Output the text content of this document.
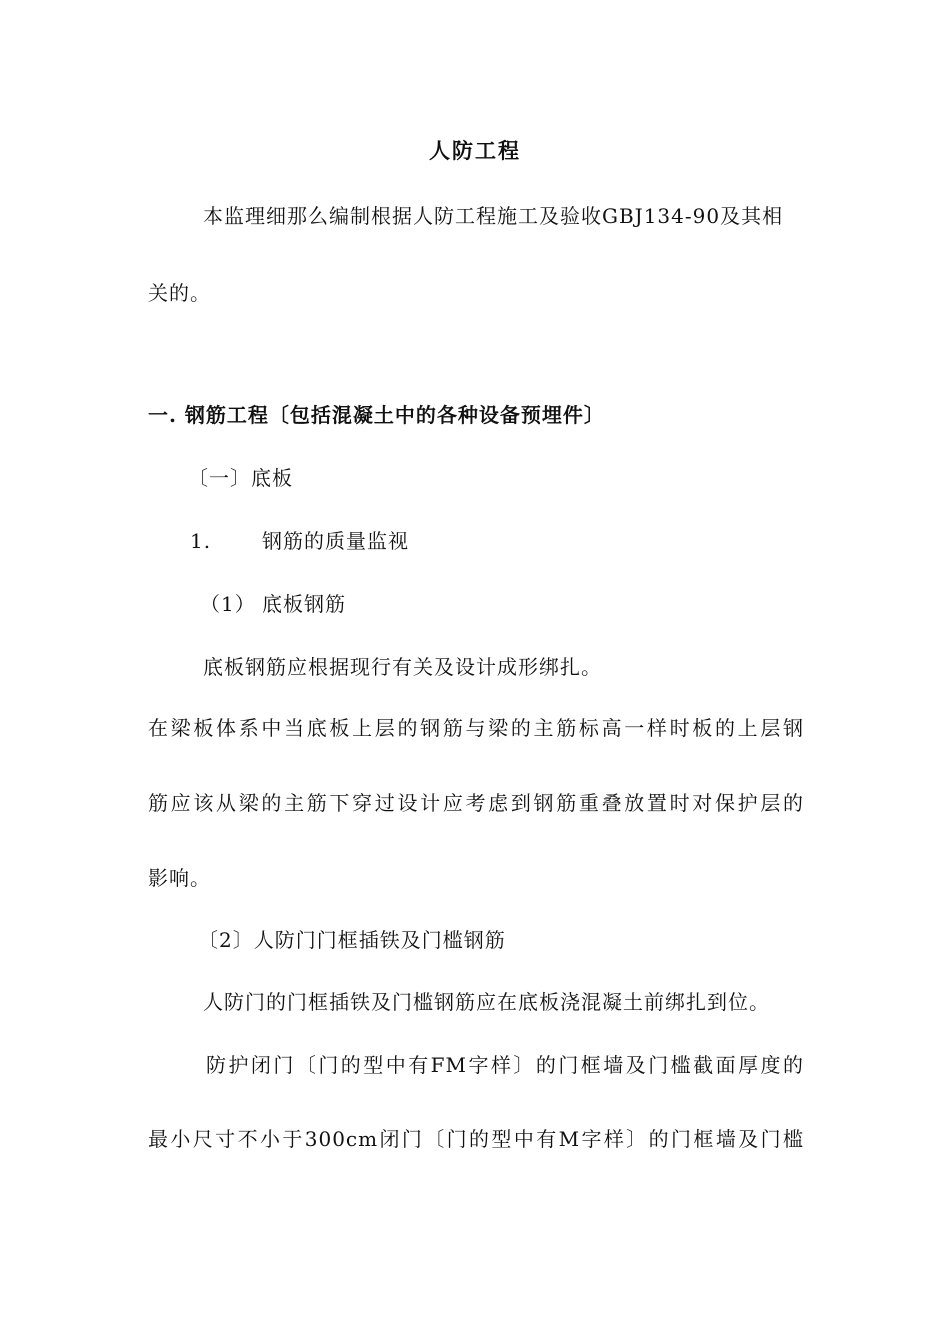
人防工程
本监理细那么编制根据人防工程施工及验收GBJ134-90及其相
关的。
一. 钢筋工程〔包括混凝土中的各种设备预埋件〕
〔一〕底板
1.	钢筋的质量监视
（1） 底板钢筋
底板钢筋应根据现行有关及设计成形绑扎。
在梁板体系中当底板上层的钢筋与梁的主筋标高一样时板的上层钢
筋应该从梁的主筋下穿过设计应考虑到钢筋重叠放置时对保护层的
影响。
〔2〕人防门门框插铁及门槛钢筋
人防门的门框插铁及门槛钢筋应在底板浇混凝土前绑扎到位。
防护闭门〔门的型中有FM字样〕的门框墙及门槛截面厚度的
最小尺寸不小于300cm闭门〔门的型中有M字样〕的门框墙及门槛
